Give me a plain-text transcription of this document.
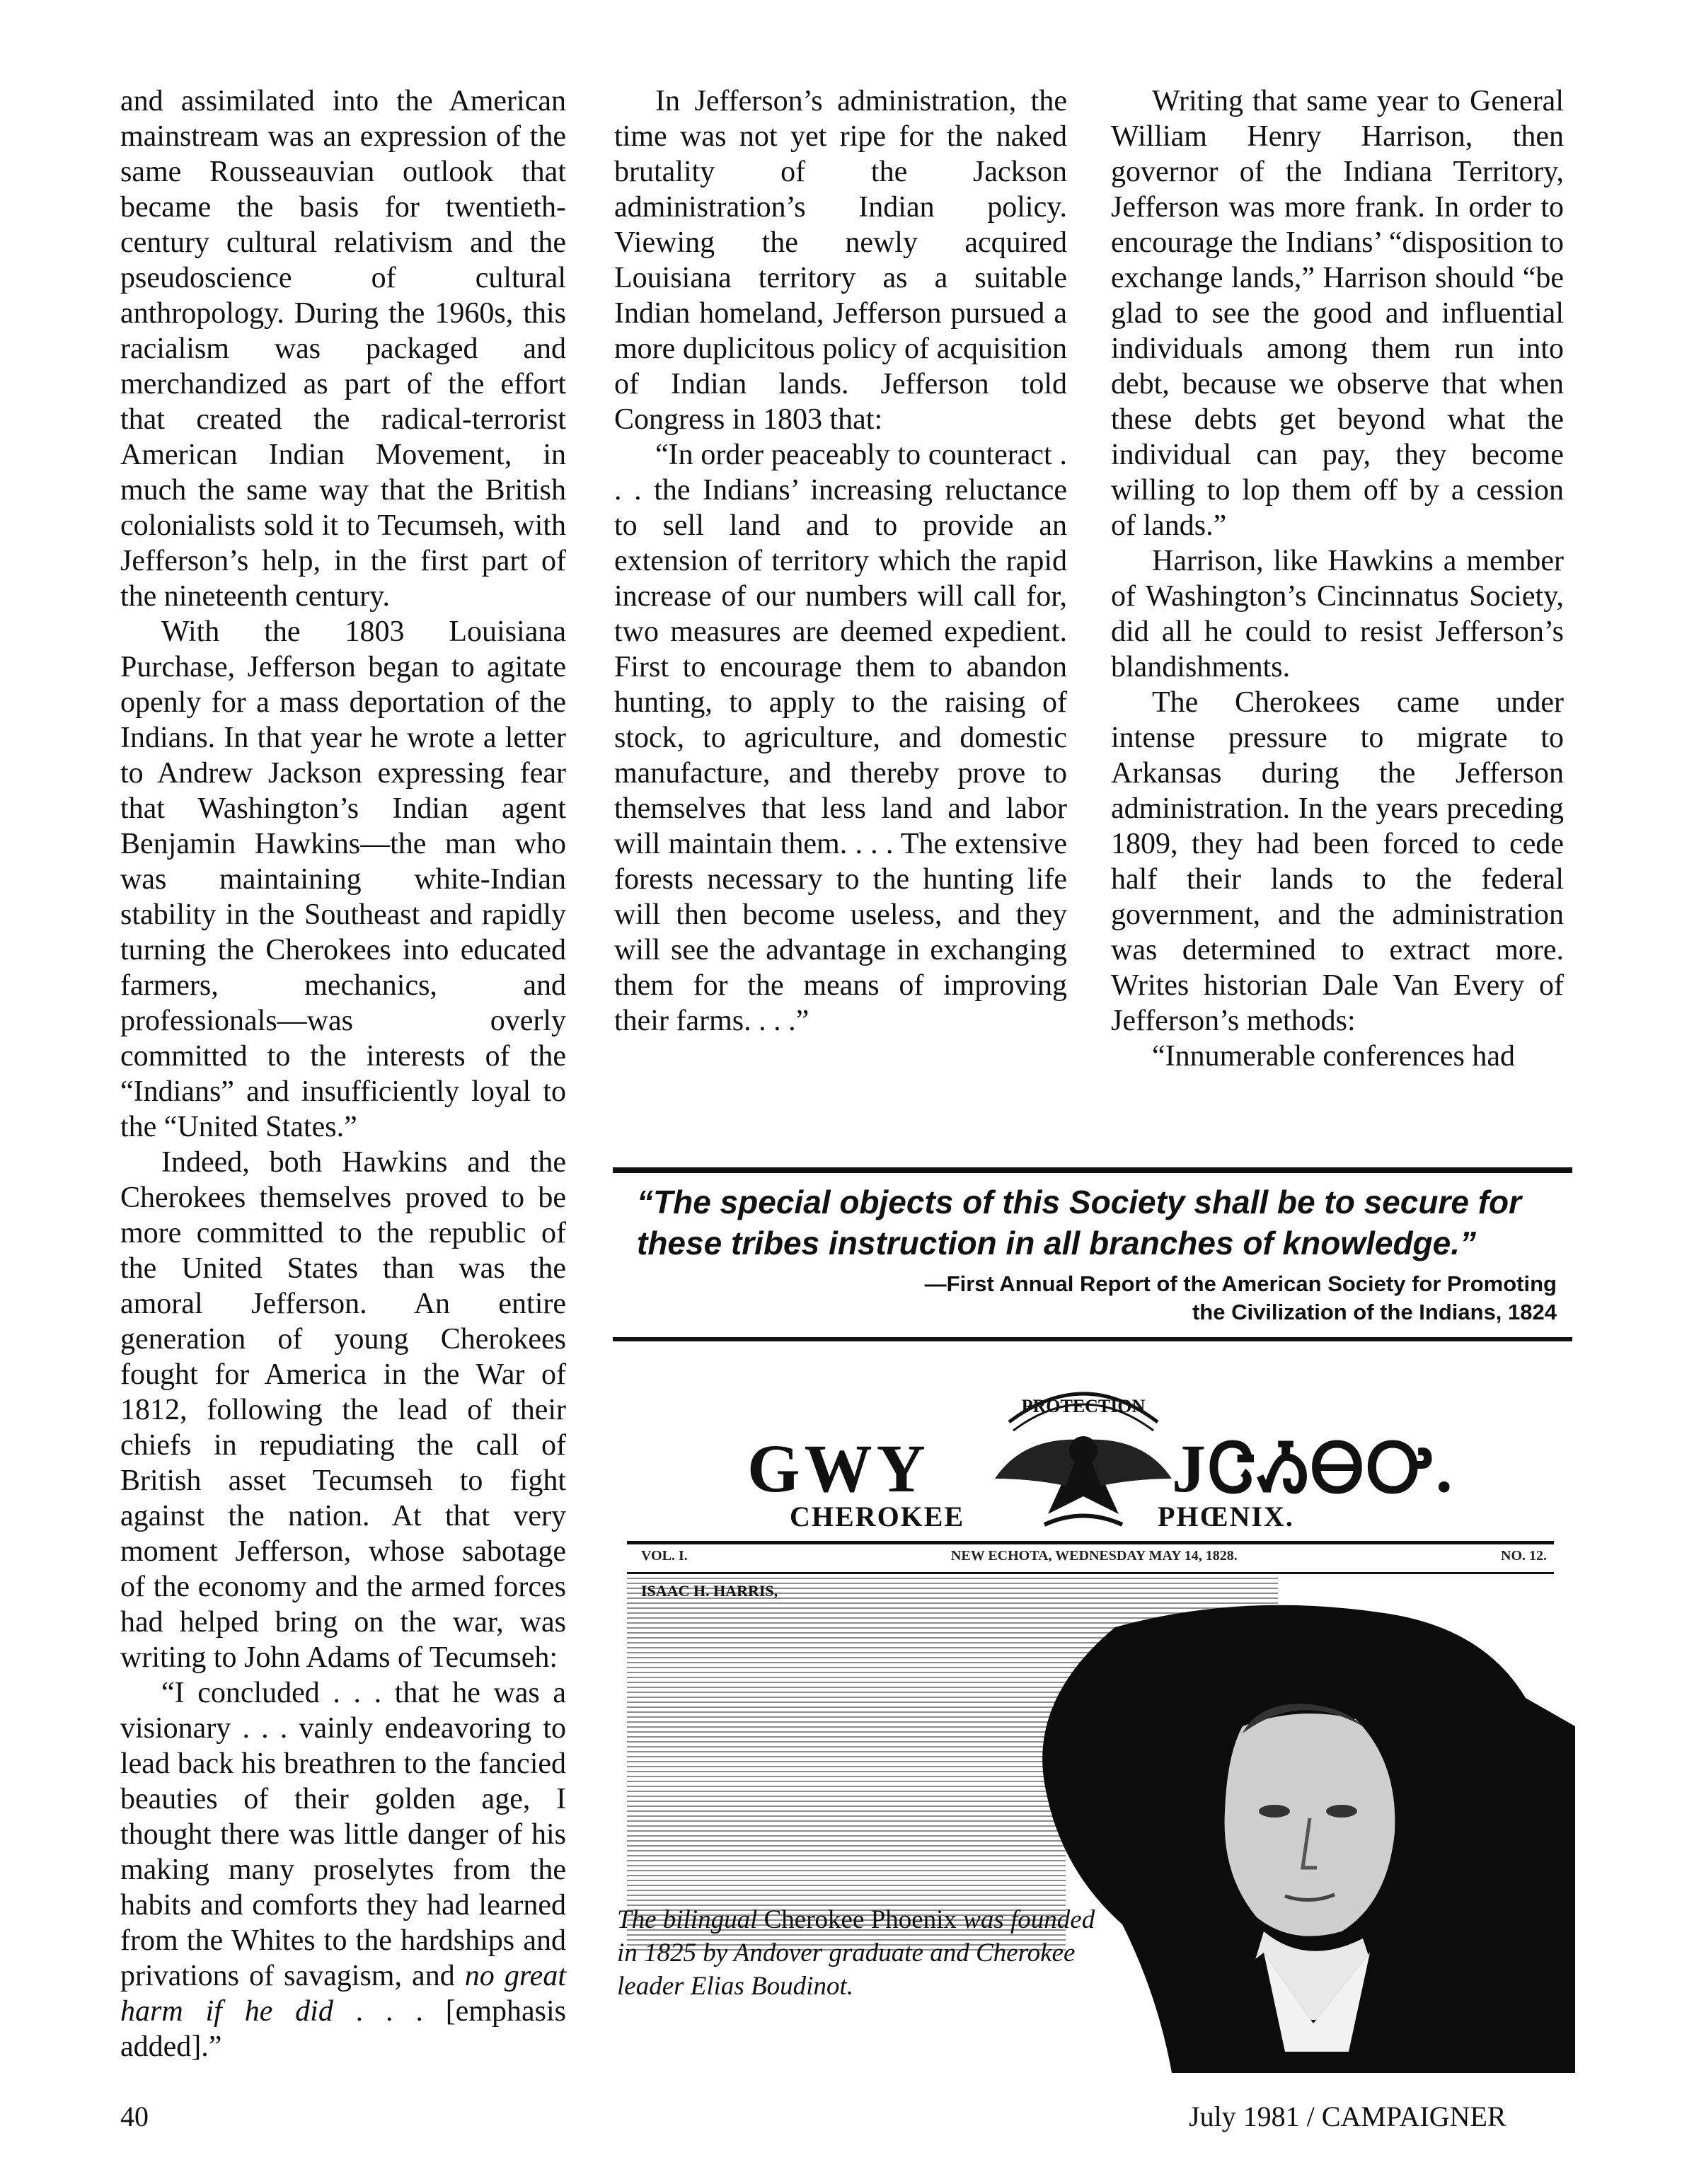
and assimilated into the American mainstream was an expression of the same Rousseauvian outlook that became the basis for twentieth-century cultural relativism and the pseudoscience of cultural anthropology. During the 1960s, this racialism was packaged and merchandized as part of the effort that created the radical-terrorist American Indian Movement, in much the same way that the British colonialists sold it to Tecumseh, with Jefferson’s help, in the first part of the nineteenth century.

With the 1803 Louisiana Purchase, Jefferson began to agitate openly for a mass deportation of the Indians. In that year he wrote a letter to Andrew Jackson expressing fear that Washington’s Indian agent Benjamin Hawkins—the man who was maintaining white-Indian stability in the Southeast and rapidly turning the Cherokees into educated farmers, mechanics, and professionals—was overly committed to the interests of the “Indians” and insufficiently loyal to the “United States.”

Indeed, both Hawkins and the Cherokees themselves proved to be more committed to the republic of the United States than was the amoral Jefferson. An entire generation of young Cherokees fought for America in the War of 1812, following the lead of their chiefs in repudiating the call of British asset Tecumseh to fight against the nation. At that very moment Jefferson, whose sabotage of the economy and the armed forces had helped bring on the war, was writing to John Adams of Tecumseh:

“I concluded . . . that he was a visionary . . . vainly endeavoring to lead back his breathren to the fancied beauties of their golden age, I thought there was little danger of his making many proselytes from the habits and comforts they had learned from the Whites to the hardships and privations of savagism, and no great harm if he did . . . [emphasis added].”

In Jefferson’s administration, the time was not yet ripe for the naked brutality of the Jackson administration’s Indian policy. Viewing the newly acquired Louisiana territory as a suitable Indian homeland, Jefferson pursued a more duplicitous policy of acquisition of Indian lands. Jefferson told Congress in 1803 that:

“In order peaceably to counteract . . . the Indians’ increasing reluctance to sell land and to provide an extension of territory which the rapid increase of our numbers will call for, two measures are deemed expedient. First to encourage them to abandon hunting, to apply to the raising of stock, to agriculture, and domestic manufacture, and thereby prove to themselves that less land and labor will maintain them. . . . The extensive forests necessary to the hunting life will then become useless, and they will see the advantage in exchanging them for the means of improving their farms. . . .”

Writing that same year to General William Henry Harrison, then governor of the Indiana Territory, Jefferson was more frank. In order to encourage the Indians’ “disposition to exchange lands,” Harrison should “be glad to see the good and influential individuals among them run into debt, because we observe that when these debts get beyond what the individual can pay, they become willing to lop them off by a cession of lands.”

Harrison, like Hawkins a member of Washington’s Cincinnatus Society, did all he could to resist Jefferson’s blandishments.

The Cherokees came under intense pressure to migrate to Arkansas during the Jefferson administration. In the years preceding 1809, they had been forced to cede half their lands to the federal government, and the administration was determined to extract more. Writes historian Dale Van Every of Jefferson’s methods:

“Innumerable conferences had

“The special objects of this Society shall be to secure for these tribes instruction in all branches of knowledge.”
—First Annual Report of the American Society for Promoting
the Civilization of the Indians, 1824
PROTECTION
GWY	JᏣᏱᎾᎤ.
CHEROKEE	PHŒNIX.
VOL. I.	NEW ECHOTA, WEDNESDAY MAY 14, 1828.	NO. 12.
ISAAC H. HARRIS,
The bilingual Cherokee Phoenix was founded in 1825 by Andover graduate and Cherokee leader Elias Boudinot.
40	July 1981 / CAMPAIGNER
